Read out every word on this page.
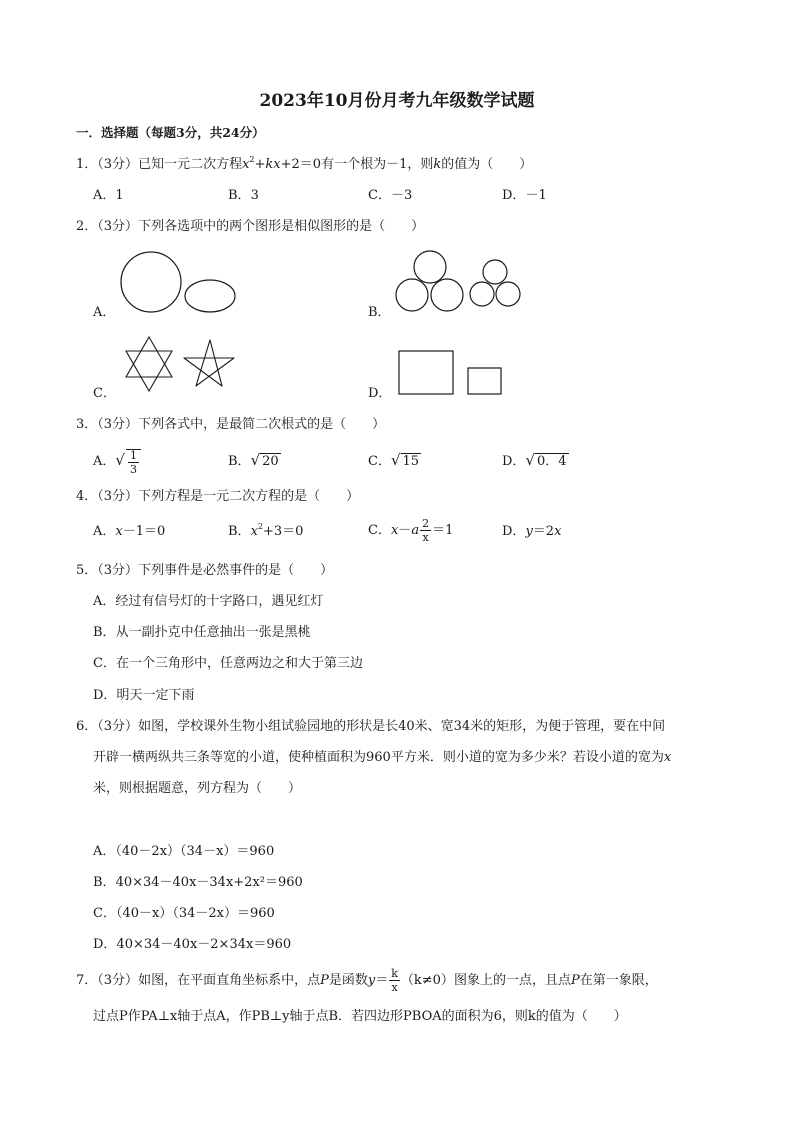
2023年10月份月考九年级数学试题
一．选择题（每题3分，共24分）
1．（3分）已知一元二次方程$x^2+kx+2=0$有一个根为－1，则k的值为（　　）
A．1	B．3	C．－3	D．－1
2．（3分）下列各选项中的两个图形是相似图形的是（　　）
A．	B．
C．	D．
3．（3分）下列各式中，是最简二次根式的是（　　）
A．√ $\frac{1}{3}$	B．√ 20	C．√ 15	D．√ 0．4
4．（3分）下列方程是一元二次方程的是（　　）
A．x－1＝0	B．$x^2+3=0$	C．$x-a \frac{2}{x} =1$	D．y＝2x
5．（3分）下列事件是必然事件的是（　　）
A．经过有信号灯的十字路口，遇见红灯
B．从一副扑克中任意抽出一张是黑桃
C．在一个三角形中，任意两边之和大于第三边
D．明天一定下雨
6．（3分）如图，学校课外生物小组试验园地的形状是长40米、宽34米的矩形，为便于管理，要在中间
开辟一横两纵共三条等宽的小道，使种植面积为960平方米．则小道的宽为多少米？若设小道的宽为x
米，则根据题意，列方程为（　　）
A．（40－2x）（34－x）＝960
B．40×34－40x－34x+2x²＝960
C．（40－x）（34－2x）＝960
D．40×34－40x－2×34x＝960
7．（3分）如图，在平面直角坐标系中，点P是函数$y= \frac{k}{x} (k\ne 0)$图象上的一点，且点P在第一象限，
过点P作PA⊥x轴于点A，作PB⊥y轴于点B．若四边形PBOA的面积为6，则k的值为（　　）
